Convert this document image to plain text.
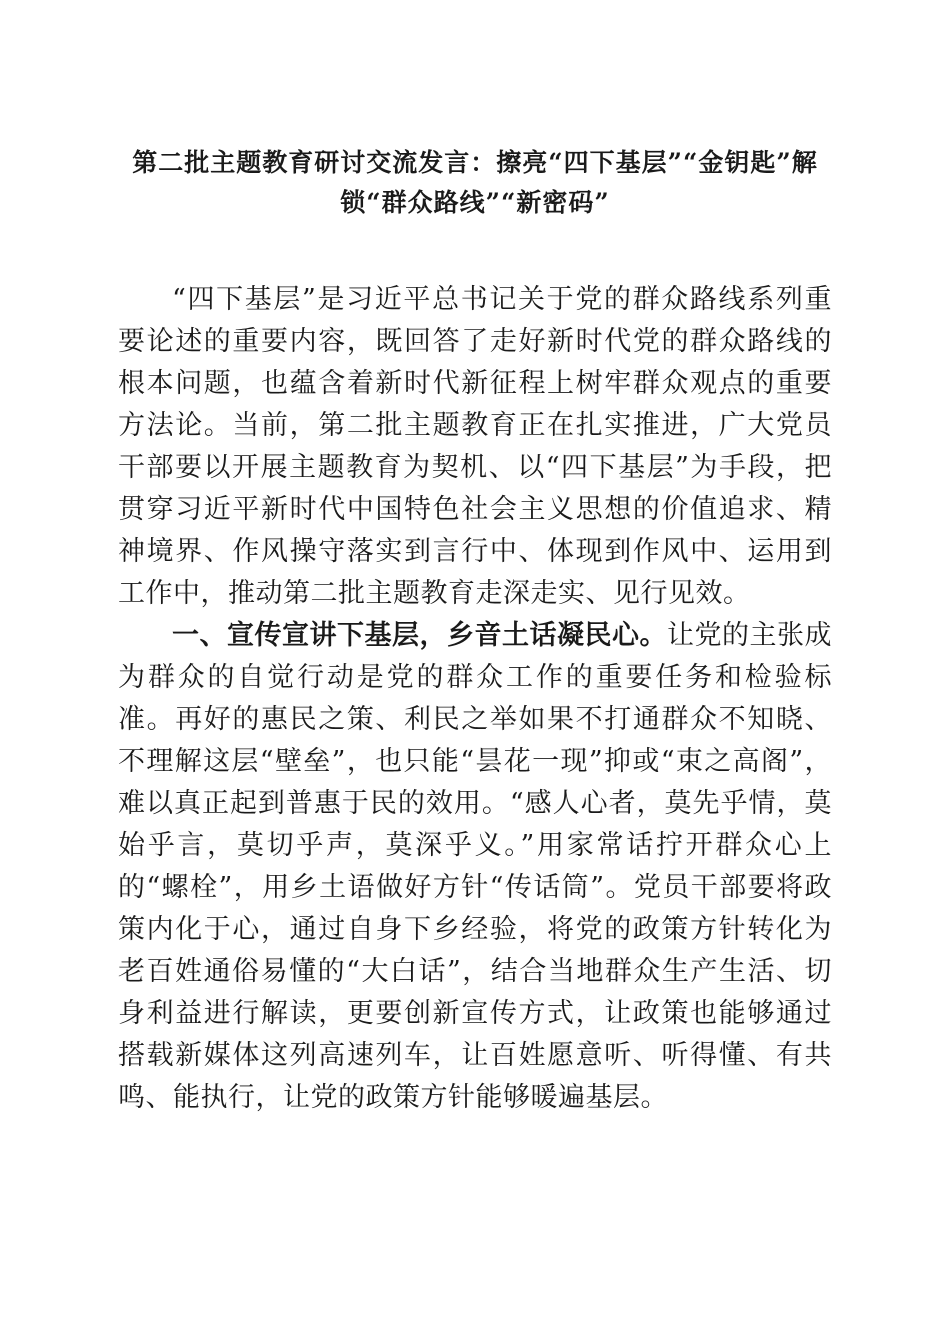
第二批主题教育研讨交流发言：擦亮“四下基层”“金钥匙”解锁“群众路线”“新密码”

“四下基层”是习近平总书记关于党的群众路线系列重要论述的重要内容，既回答了走好新时代党的群众路线的根本问题，也蕴含着新时代新征程上树牢群众观点的重要方法论。当前，第二批主题教育正在扎实推进，广大党员干部要以开展主题教育为契机、以“四下基层”为手段，把贯穿习近平新时代中国特色社会主义思想的价值追求、精神境界、作风操守落实到言行中、体现到作风中、运用到工作中，推动第二批主题教育走深走实、见行见效。

一、宣传宣讲下基层，乡音土话凝民心。让党的主张成为群众的自觉行动是党的群众工作的重要任务和检验标准。再好的惠民之策、利民之举如果不打通群众不知晓、不理解这层“壁垒”，也只能“昙花一现”抑或“束之高阁”，难以真正起到普惠于民的效用。“感人心者，莫先乎情，莫始乎言，莫切乎声，莫深乎义。”用家常话拧开群众心上的“螺栓”，用乡土语做好方针“传话筒”。党员干部要将政策内化于心，通过自身下乡经验，将党的政策方针转化为老百姓通俗易懂的“大白话”，结合当地群众生产生活、切身利益进行解读，更要创新宣传方式，让政策也能够通过搭载新媒体这列高速列车，让百姓愿意听、听得懂、有共鸣、能执行，让党的政策方针能够暖遍基层。
